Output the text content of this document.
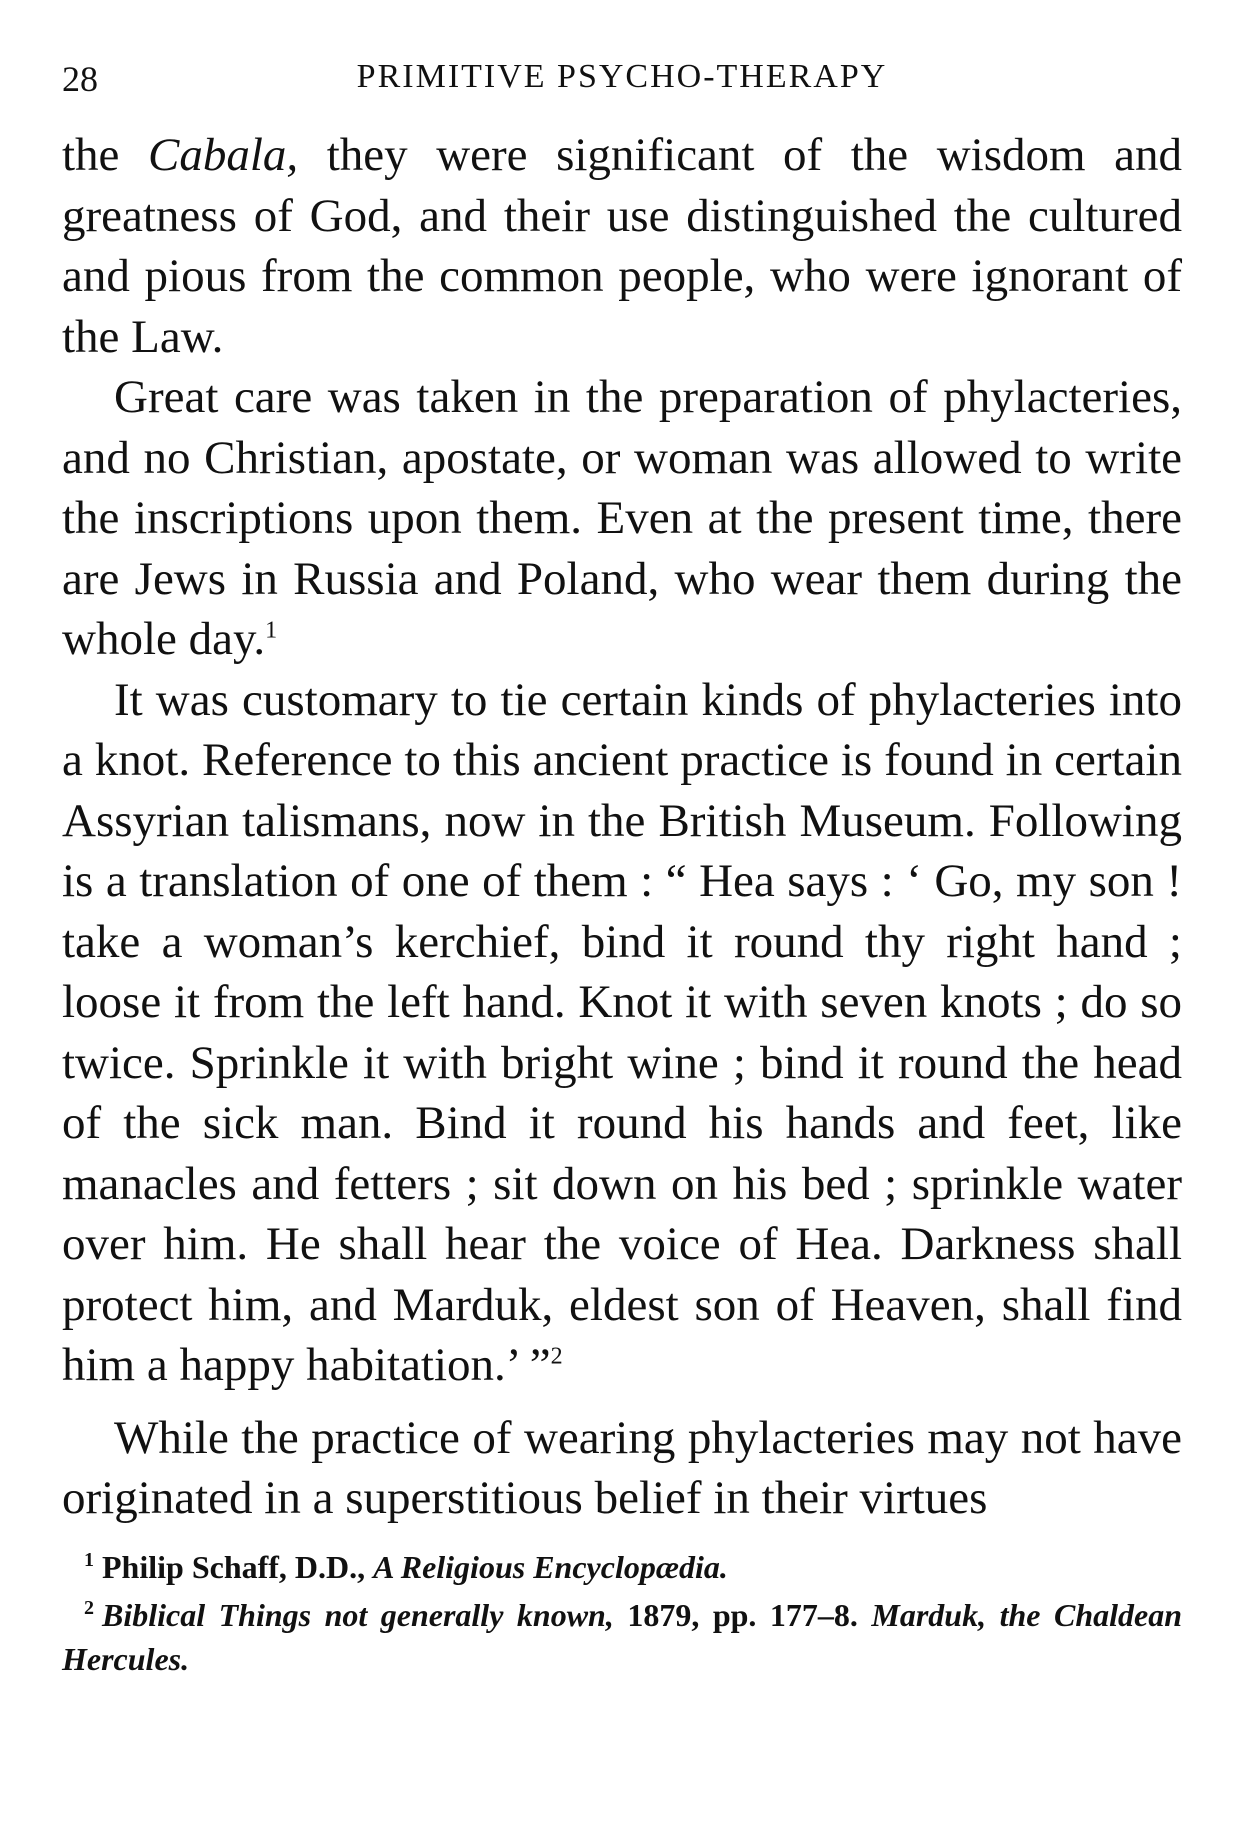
28	PRIMITIVE PSYCHO-THERAPY

the Cabala, they were significant of the wisdom and greatness of God, and their use distinguished the cultured and pious from the common people, who were ignorant of the Law.

Great care was taken in the preparation of phylacteries, and no Christian, apostate, or woman was allowed to write the inscriptions upon them. Even at the present time, there are Jews in Russia and Poland, who wear them during the whole day.$^1$

It was customary to tie certain kinds of phylacteries into a knot. Reference to this ancient practice is found in certain Assyrian talismans, now in the British Museum. Following is a translation of one of them : “ Hea says : ‘ Go, my son ! take a woman’s kerchief, bind it round thy right hand ; loose it from the left hand. Knot it with seven knots ; do so twice. Sprinkle it with bright wine ; bind it round the head of the sick man. Bind it round his hands and feet, like manacles and fetters ; sit down on his bed ; sprinkle water over him. He shall hear the voice of Hea. Darkness shall protect him, and Marduk, eldest son of Heaven, shall find him a happy habitation.’ ”$^2$

While the practice of wearing phylacteries may not have originated in a superstitious belief in their virtues

$^1$ Philip Schaff, D.D., A Religious Encyclopædia.

$^2$ Biblical Things not generally known, 1879, pp. 177–8. Marduk, the Chaldean Hercules.
